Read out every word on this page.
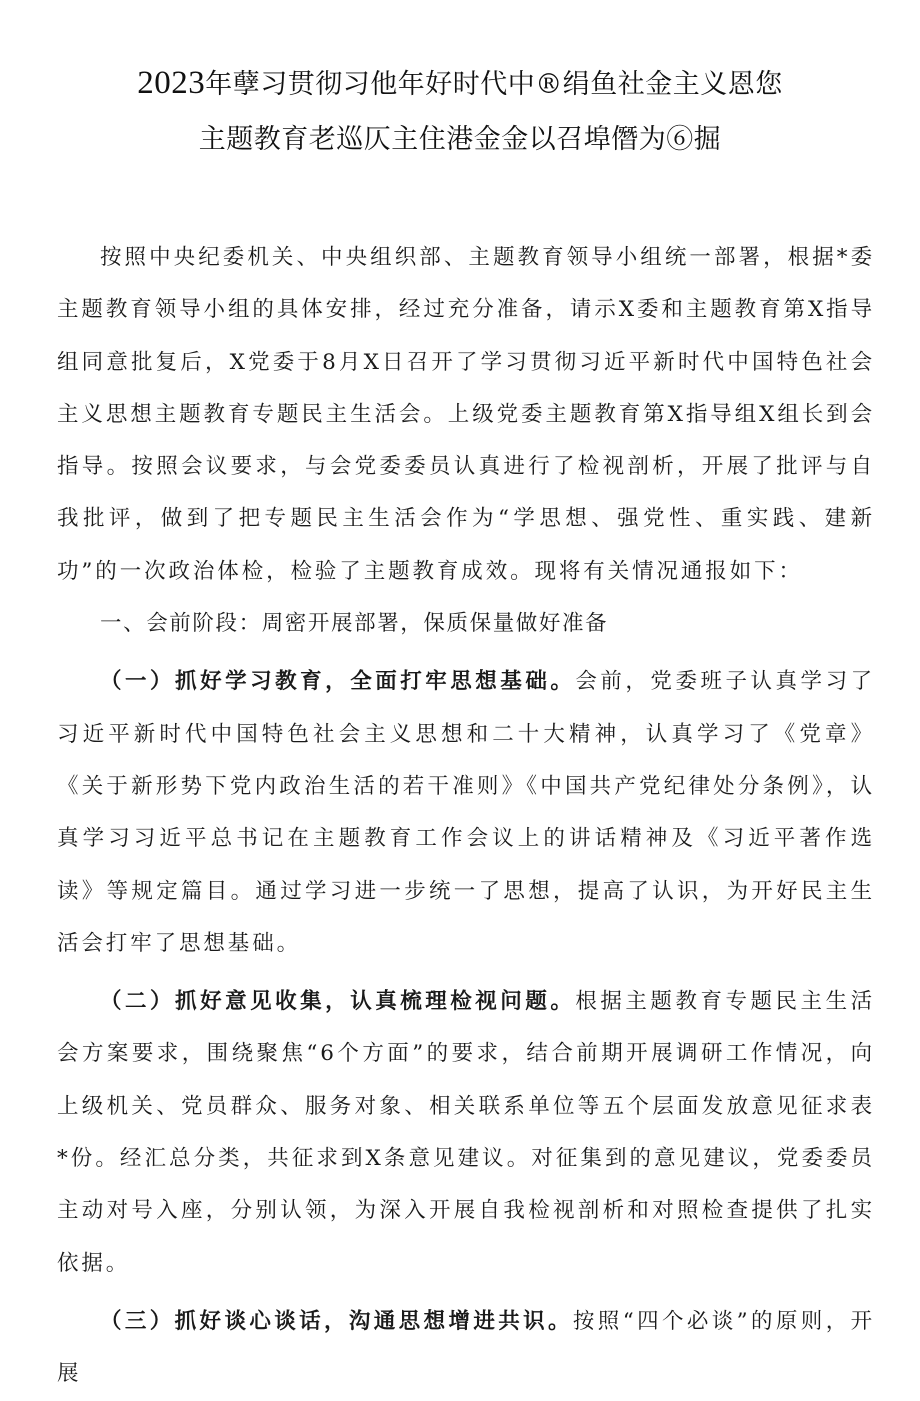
2023年孽习贯彻习他年好时代中®绢鱼社金主义恩您
主题教育老巡仄主住港金金以召埠僭为⑥掘

按照中央纪委机关、中央组织部、主题教育领导小组统一部署，根据*委主题教育领导小组的具体安排，经过充分准备，请示X委和主题教育第X指导组同意批复后，X党委于8月X日召开了学习贯彻习近平新时代中国特色社会主义思想主题教育专题民主生活会。上级党委主题教育第X指导组X组长到会指导。按照会议要求，与会党委委员认真进行了检视剖析，开展了批评与自我批评，做到了把专题民主生活会作为“学思想、强党性、重实践、建新功”的一次政治体检，检验了主题教育成效。现将有关情况通报如下：

一、会前阶段：周密开展部署，保质保量做好准备

（一）抓好学习教育，全面打牢思想基础。会前，党委班子认真学习了习近平新时代中国特色社会主义思想和二十大精神，认真学习了《党章》《关于新形势下党内政治生活的若干准则》《中国共产党纪律处分条例》，认真学习习近平总书记在主题教育工作会议上的讲话精神及《习近平著作选读》等规定篇目。通过学习进一步统一了思想，提高了认识，为开好民主生活会打牢了思想基础。

（二）抓好意见收集，认真梳理检视问题。根据主题教育专题民主生活会方案要求，围绕聚焦“6个方面”的要求，结合前期开展调研工作情况，向上级机关、党员群众、服务对象、相关联系单位等五个层面发放意见征求表*份。经汇总分类，共征求到X条意见建议。对征集到的意见建议，党委委员主动对号入座，分别认领，为深入开展自我检视剖析和对照检查提供了扎实依据。

（三）抓好谈心谈话，沟通思想增进共识。按照“四个必谈”的原则，开展
